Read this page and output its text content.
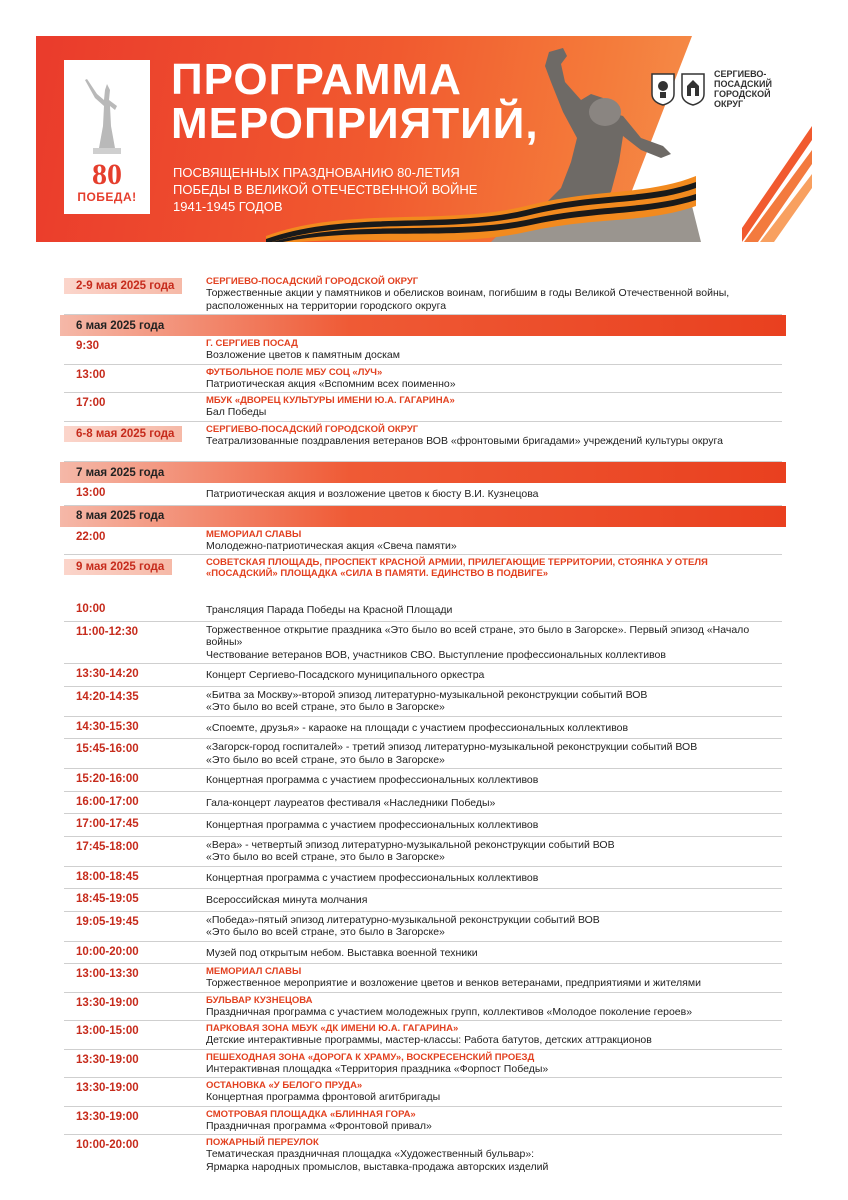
80
ПОБЕДА!
ПРОГРАММА
МЕРОПРИЯТИЙ,
ПОСВЯЩЕННЫХ ПРАЗДНОВАНИЮ 80-ЛЕТИЯ
ПОБЕДЫ В ВЕЛИКОЙ ОТЕЧЕСТВЕННОЙ ВОЙНЕ
1941-1945 ГОДОВ
СЕРГИЕВО-
ПОСАДСКИЙ
ГОРОДСКОЙ
ОКРУГ
2-9 мая 2025 года	СЕРГИЕВО-ПОСАДСКИЙ ГОРОДСКОЙ ОКРУГ
Торжественные акции у памятников и обелисков воинам, погибшим в годы Великой Отечественной войны,
расположенных на территории городского округа
6 мая 2025 года
9:30	Г. СЕРГИЕВ ПОСАД
Возложение цветов к памятным доскам
13:00	ФУТБОЛЬНОЕ ПОЛЕ МБУ СОЦ «ЛУЧ»
Патриотическая акция «Вспомним всех поименно»
17:00	МБУК «ДВОРЕЦ КУЛЬТУРЫ ИМЕНИ Ю.А. ГАГАРИНА»
Бал Победы
6-8 мая 2025 года	СЕРГИЕВО-ПОСАДСКИЙ ГОРОДСКОЙ ОКРУГ
Театрализованные поздравления ветеранов ВОВ «фронтовыми бригадами» учреждений культуры округа
7 мая 2025 года
13:00	Патриотическая акция и возложение цветов к бюсту В.И. Кузнецова
8 мая 2025 года
22:00	МЕМОРИАЛ СЛАВЫ
Молодежно-патриотическая акция «Свеча памяти»
9 мая 2025 года	СОВЕТСКАЯ ПЛОЩАДЬ, ПРОСПЕКТ КРАСНОЙ АРМИИ, ПРИЛЕГАЮЩИЕ ТЕРРИТОРИИ, СТОЯНКА У ОТЕЛЯ «ПОСАДСКИЙ» ПЛОЩАДКА «СИЛА В ПАМЯТИ. ЕДИНСТВО В ПОДВИГЕ»
10:00	Трансляция Парада Победы на Красной Площади
11:00-12:30	Торжественное открытие праздника «Это было во всей стране, это было в Загорске». Первый эпизод «Начало войны»
Чествование ветеранов ВОВ, участников СВО. Выступление профессиональных коллективов
13:30-14:20	Концерт Сергиево-Посадского муниципального оркестра
14:20-14:35	«Битва за Москву»-второй эпизод литературно-музыкальной реконструкции событий ВОВ
«Это было во всей стране, это было в Загорске»
14:30-15:30	«Споемте, друзья» - караоке на площади с участием профессиональных коллективов
15:45-16:00	«Загорск-город госпиталей» - третий эпизод литературно-музыкальной реконструкции событий ВОВ
«Это было во всей стране, это было в Загорске»
15:20-16:00	Концертная программа с участием профессиональных коллективов
16:00-17:00	Гала-концерт лауреатов фестиваля «Наследники Победы»
17:00-17:45	Концертная программа с участием профессиональных коллективов
17:45-18:00	«Вера» - четвертый эпизод литературно-музыкальной реконструкции событий ВОВ
«Это было во всей стране, это было в Загорске»
18:00-18:45	Концертная программа с участием профессиональных коллективов
18:45-19:05	Всероссийская минута молчания
19:05-19:45	«Победа»-пятый эпизод литературно-музыкальной реконструкции событий ВОВ
«Это было во всей стране, это было в Загорске»
10:00-20:00	Музей под открытым небом. Выставка военной техники
13:00-13:30	МЕМОРИАЛ СЛАВЫ
Торжественное мероприятие и возложение цветов и венков ветеранами, предприятиями и жителями
13:30-19:00	БУЛЬВАР КУЗНЕЦОВА
Праздничная программа с участием молодежных групп, коллективов «Молодое поколение героев»
13:00-15:00	ПАРКОВАЯ ЗОНА МБУК «ДК ИМЕНИ Ю.А. ГАГАРИНА»
Детские интерактивные программы, мастер-классы: Работа батутов, детских аттракционов
13:30-19:00	ПЕШЕХОДНАЯ ЗОНА «ДОРОГА К ХРАМУ», ВОСКРЕСЕНСКИЙ ПРОЕЗД
Интерактивная площадка «Территория праздника «Форпост Победы»
13:30-19:00	ОСТАНОВКА «У БЕЛОГО ПРУДА»
Концертная программа фронтовой агитбригады
13:30-19:00	СМОТРОВАЯ ПЛОЩАДКА «БЛИННАЯ ГОРА»
Праздничная программа «Фронтовой привал»
10:00-20:00	ПОЖАРНЫЙ ПЕРЕУЛОК
Тематическая праздничная площадка «Художественный бульвар»:
Ярмарка народных промыслов, выставка-продажа авторских изделий
